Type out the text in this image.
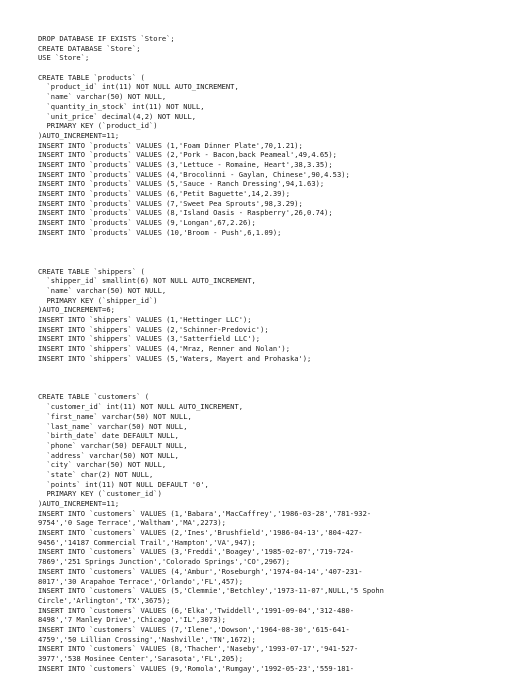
DROP DATABASE IF EXISTS `Store`;
CREATE DATABASE `Store`;
USE `Store`;
CREATE TABLE `products` (
`product_id` int(11) NOT NULL AUTO_INCREMENT,
`name` varchar(50) NOT NULL,
`quantity_in_stock` int(11) NOT NULL,
`unit_price` decimal(4,2) NOT NULL,
PRIMARY KEY (`product_id`)
)AUTO_INCREMENT=11;
INSERT INTO `products` VALUES (1,'Foam Dinner Plate',70,1.21);
INSERT INTO `products` VALUES (2,'Pork - Bacon,back Peameal',49,4.65);
INSERT INTO `products` VALUES (3,'Lettuce - Romaine, Heart',38,3.35);
INSERT INTO `products` VALUES (4,'Brocolinni - Gaylan, Chinese',90,4.53);
INSERT INTO `products` VALUES (5,'Sauce - Ranch Dressing',94,1.63);
INSERT INTO `products` VALUES (6,'Petit Baguette',14,2.39);
INSERT INTO `products` VALUES (7,'Sweet Pea Sprouts',98,3.29);
INSERT INTO `products` VALUES (8,'Island Oasis - Raspberry',26,0.74);
INSERT INTO `products` VALUES (9,'Longan',67,2.26);
INSERT INTO `products` VALUES (10,'Broom - Push',6,1.09);
CREATE TABLE `shippers` (
`shipper_id` smallint(6) NOT NULL AUTO_INCREMENT,
`name` varchar(50) NOT NULL,
PRIMARY KEY (`shipper_id`)
)AUTO_INCREMENT=6;
INSERT INTO `shippers` VALUES (1,'Hettinger LLC');
INSERT INTO `shippers` VALUES (2,'Schinner-Predovic');
INSERT INTO `shippers` VALUES (3,'Satterfield LLC');
INSERT INTO `shippers` VALUES (4,'Mraz, Renner and Nolan');
INSERT INTO `shippers` VALUES (5,'Waters, Mayert and Prohaska');
CREATE TABLE `customers` (
`customer_id` int(11) NOT NULL AUTO_INCREMENT,
`first_name` varchar(50) NOT NULL,
`last_name` varchar(50) NOT NULL,
`birth_date` date DEFAULT NULL,
`phone` varchar(50) DEFAULT NULL,
`address` varchar(50) NOT NULL,
`city` varchar(50) NOT NULL,
`state` char(2) NOT NULL,
`points` int(11) NOT NULL DEFAULT '0',
PRIMARY KEY (`customer_id`)
)AUTO_INCREMENT=11;
INSERT INTO `customers` VALUES (1,'Babara','MacCaffrey','1986-03-28','781-932-
9754','0 Sage Terrace','Waltham','MA',2273);
INSERT INTO `customers` VALUES (2,'Ines','Brushfield','1986-04-13','804-427-
9456','14187 Commercial Trail','Hampton','VA',947);
INSERT INTO `customers` VALUES (3,'Freddi','Boagey','1985-02-07','719-724-
7869','251 Springs Junction','Colorado Springs','CO',2967);
INSERT INTO `customers` VALUES (4,'Ambur','Roseburgh','1974-04-14','407-231-
8017','30 Arapahoe Terrace','Orlando','FL',457);
INSERT INTO `customers` VALUES (5,'Clemmie','Betchley','1973-11-07',NULL,'5 Spohn
Circle','Arlington','TX',3675);
INSERT INTO `customers` VALUES (6,'Elka','Twiddell','1991-09-04','312-480-
8498','7 Manley Drive','Chicago','IL',3073);
INSERT INTO `customers` VALUES (7,'Ilene','Dowson','1964-08-30','615-641-
4759','50 Lillian Crossing','Nashville','TN',1672);
INSERT INTO `customers` VALUES (8,'Thacher','Naseby','1993-07-17','941-527-
3977','538 Mosinee Center','Sarasota','FL',205);
INSERT INTO `customers` VALUES (9,'Romola','Rumgay','1992-05-23','559-181-
